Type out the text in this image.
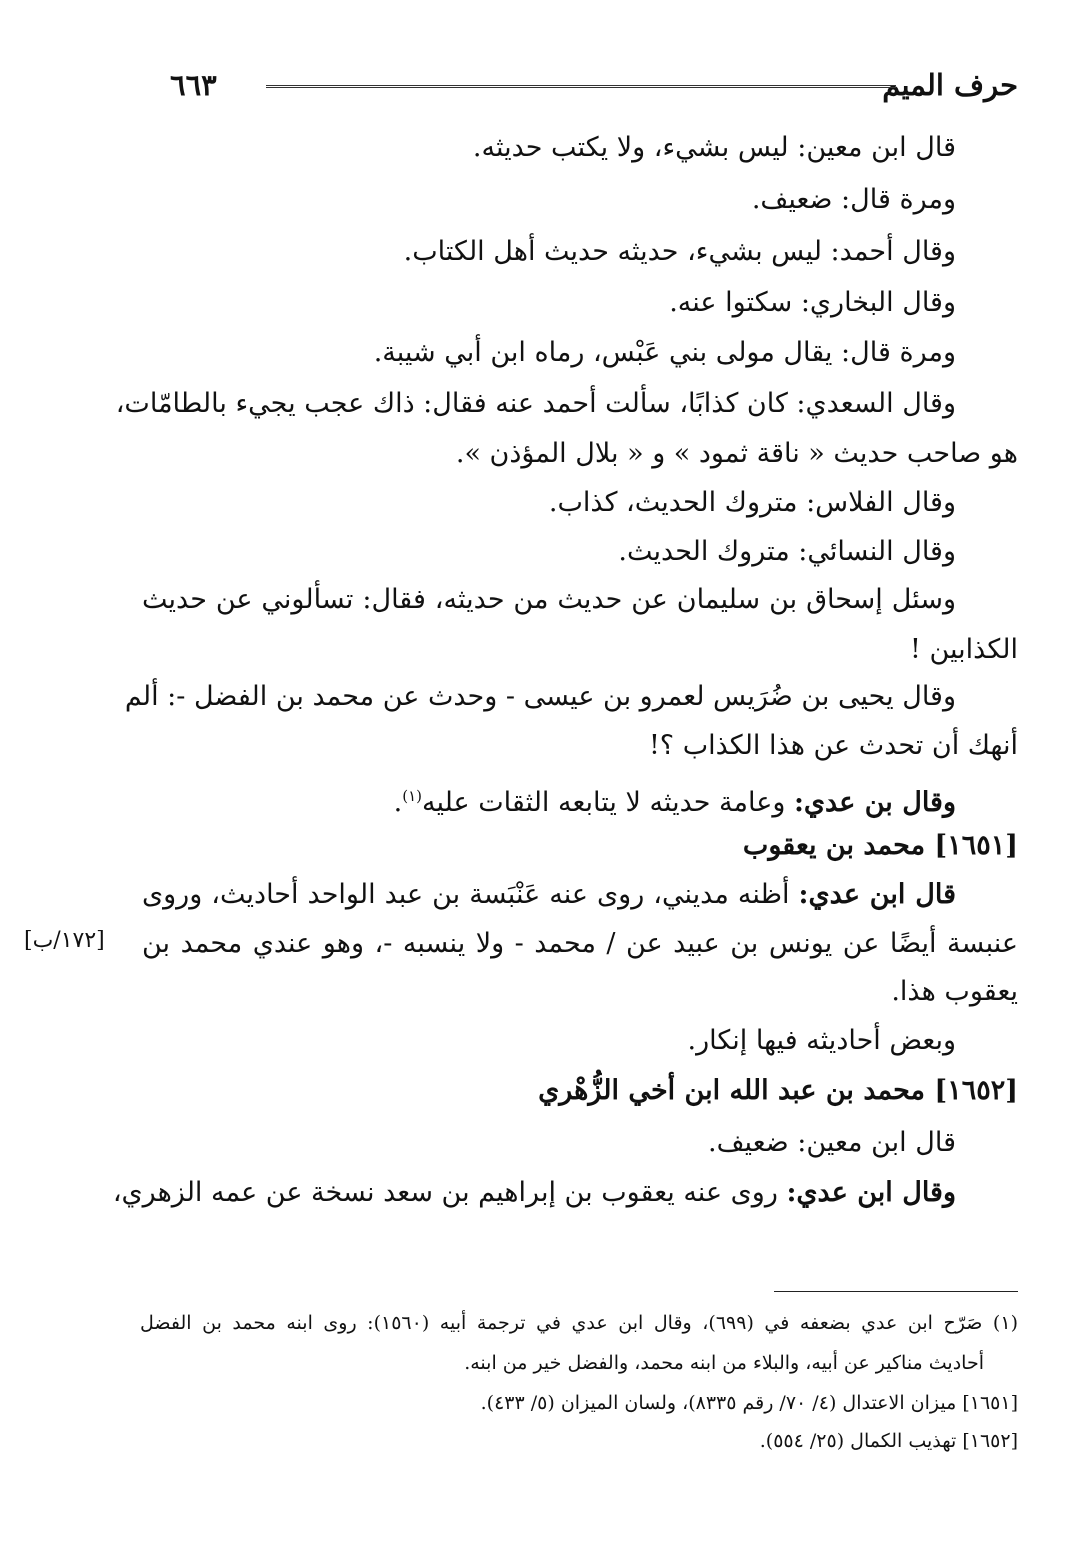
حرف الميم
٦٦٣
قال ابن معين: ليس بشيء، ولا يكتب حديثه.
ومرة قال: ضعيف.
وقال أحمد: ليس بشيء، حديثه حديث أهل الكتاب.
وقال البخاري: سكتوا عنه.
ومرة قال: يقال مولى بني عَبْس، رماه ابن أبي شيبة.
وقال السعدي: كان كذابًا، سألت أحمد عنه فقال: ذاك عجب يجيء بالطامّات،
هو صاحب حديث « ناقة ثمود » و « بلال المؤذن ».
وقال الفلاس: متروك الحديث، كذاب.
وقال النسائي: متروك الحديث.
وسئل إسحاق بن سليمان عن حديث من حديثه، فقال: تسألوني عن حديث
الكذابين !
وقال يحيى بن ضُرَيس لعمرو بن عيسى - وحدث عن محمد بن الفضل -: ألم
أنهك أن تحدث عن هذا الكذاب ؟!
وقال بن عدي: وعامة حديثه لا يتابعه الثقات عليه$^{(١)}$.
[١٦٥١] محمد بن يعقوب
قال ابن عدي: أظنه مديني، روى عنه عَنْبَسة بن عبد الواحد أحاديث، وروى
عنبسة أيضًا عن يونس بن عبيد عن / محمد - ولا ينسبه -، وهو عندي محمد بن
[١٧٢/ب]
يعقوب هذا.
وبعض أحاديثه فيها إنكار.
[١٦٥٢] محمد بن عبد الله ابن أخي الزُّهْري
قال ابن معين: ضعيف.
وقال ابن عدي: روى عنه يعقوب بن إبراهيم بن سعد نسخة عن عمه الزهري،
(١) صَرّح ابن عدي بضعفه في (٦٩٩)، وقال ابن عدي في ترجمة أبيه (١٥٦٠): روى ابنه محمد بن الفضل
أحاديث مناكير عن أبيه، والبلاء من ابنه محمد، والفضل خير من ابنه.
[١٦٥١] ميزان الاعتدال (٤/ ٧٠/ رقم ٨٣٣٥)، ولسان الميزان (٥/ ٤٣٣).
[١٦٥٢] تهذيب الكمال (٢٥/ ٥٥٤).
